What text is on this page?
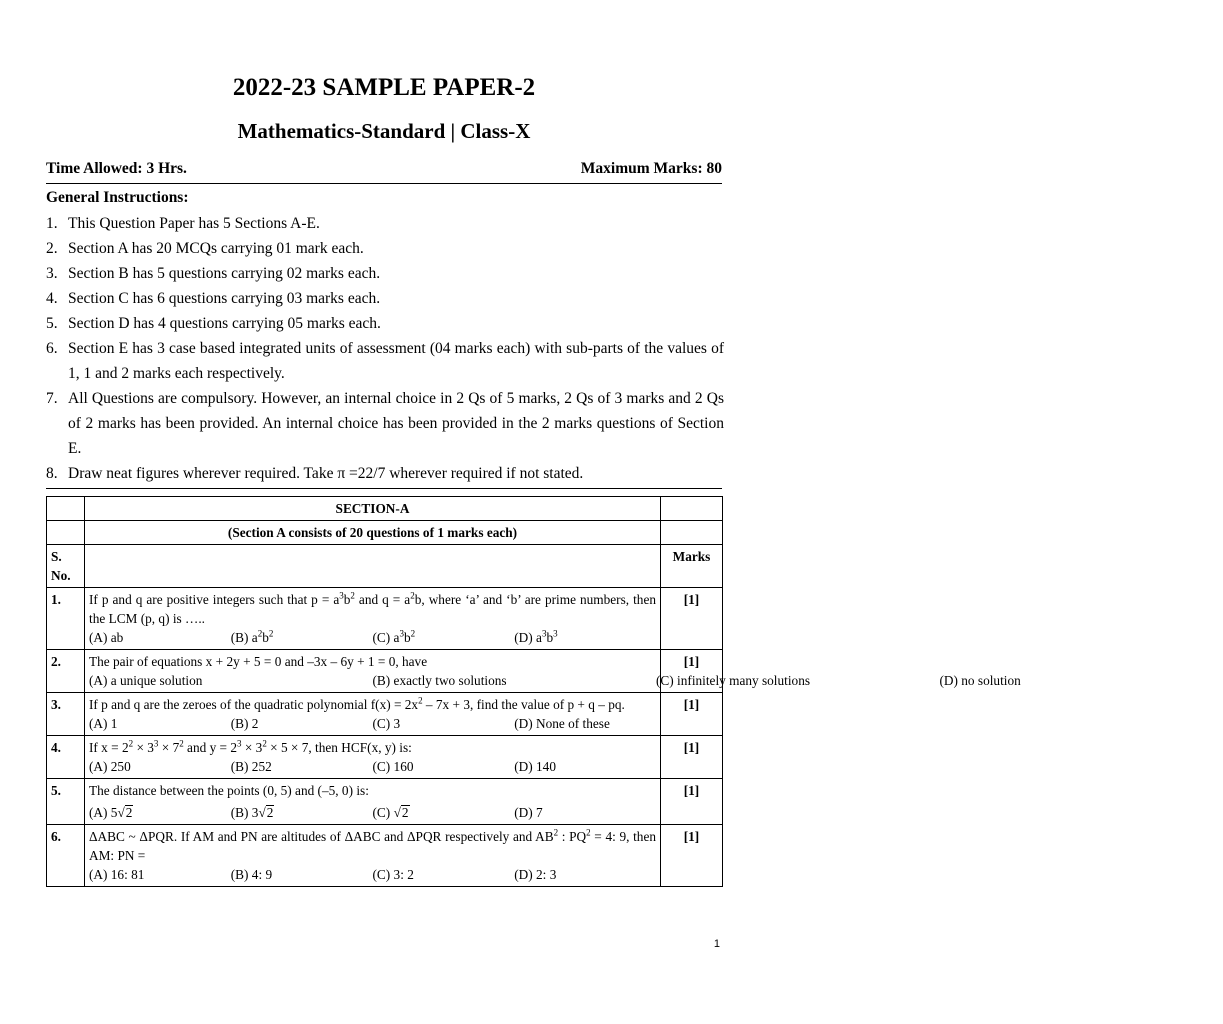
2022-23 SAMPLE PAPER-2
Mathematics-Standard | Class-X
Time Allowed: 3 Hrs.	Maximum Marks: 80
General Instructions:
1. This Question Paper has 5 Sections A-E.
2. Section A has 20 MCQs carrying 01 mark each.
3. Section B has 5 questions carrying 02 marks each.
4. Section C has 6 questions carrying 03 marks each.
5. Section D has 4 questions carrying 05 marks each.
6. Section E has 3 case based integrated units of assessment (04 marks each) with sub-parts of the values of 1, 1 and 2 marks each respectively.
7. All Questions are compulsory. However, an internal choice in 2 Qs of 5 marks, 2 Qs of 3 marks and 2 Qs of 2 marks has been provided. An internal choice has been provided in the 2 marks questions of Section E.
8. Draw neat figures wherever required. Take π =22/7 wherever required if not stated.
	SECTION-A	
	(Section A consists of 20 questions of 1 marks each)	
S. No.		Marks
1.	If p and q are positive integers such that $p = a^3b^2$ and $q = a^2b$, where ‘a’ and ‘b’ are prime numbers, then the LCM (p, q) is …..
(A) ab (B) $a^2b^2$ (C) $a^3b^2$ (D) $a^3b^3$	[1]
2.	The pair of equations x + 2y + 5 = 0 and –3x – 6y + 1 = 0, have
(A) a unique solution (B) exactly two solutions (C) infinitely many solutions (D) no solution	[1]
3.	If p and q are the zeroes of the quadratic polynomial $f(x) = 2x^2 - 7x + 3$, find the value of p + q – pq.
(A) 1 (B) 2 (C) 3 (D) None of these	[1]
4.	If $x = 2^2 \times 3^3 \times 7^2$ and $y = 2^3 \times 3^2 \times 5 \times 7$, then HCF(x, y) is:
(A) 250 (B) 252 (C) 160 (D) 140	[1]
5.	The distance between the points (0, 5) and (–5, 0) is:
(A) 5√2 (B) 3√2 (C) √2 (D) 7	[1]
6.	ΔABC ~ ΔPQR. If AM and PN are altitudes of ΔABC and ΔPQR respectively and $AB^2$ : $PQ^2 = 4$: 9, then AM: PN =
(A) 16: 81 (B) 4: 9 (C) 3: 2 (D) 2: 3	[1]
1
